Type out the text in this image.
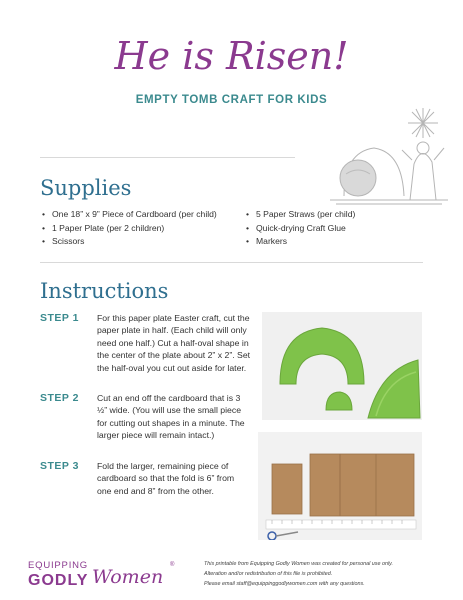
He is Risen!
EMPTY TOMB CRAFT FOR KIDS
Supplies
• One 18” x 9” Piece of Cardboard (per child)
• 1 Paper Plate (per 2 children)
• Scissors
• 5 Paper Straws (per child)
• Quick-drying Craft Glue
• Markers
Instructions
STEP 1 For this paper plate Easter craft, cut the
paper plate in half. (Each child will only
need one half.) Cut a half-oval shape in
the center of the plate about 2” x 2”. Set
the half-oval you cut out aside for later.
STEP 2 Cut an end off the cardboard that is 3
½” wide. (You will use the small piece
for cutting out shapes in a minute. The
larger piece will remain intact.)
STEP 3 Fold the larger, remaining piece of
cardboard so that the fold is 6” from
one end and 8” from the other.
EQUIPPING
GODLY Women
®	This printable from Equipping Godly Women was created for personal use only.
Alteration and/or redistribution of this file is prohibited.
Please email staff@equippinggodlywomen.com with any questions.
